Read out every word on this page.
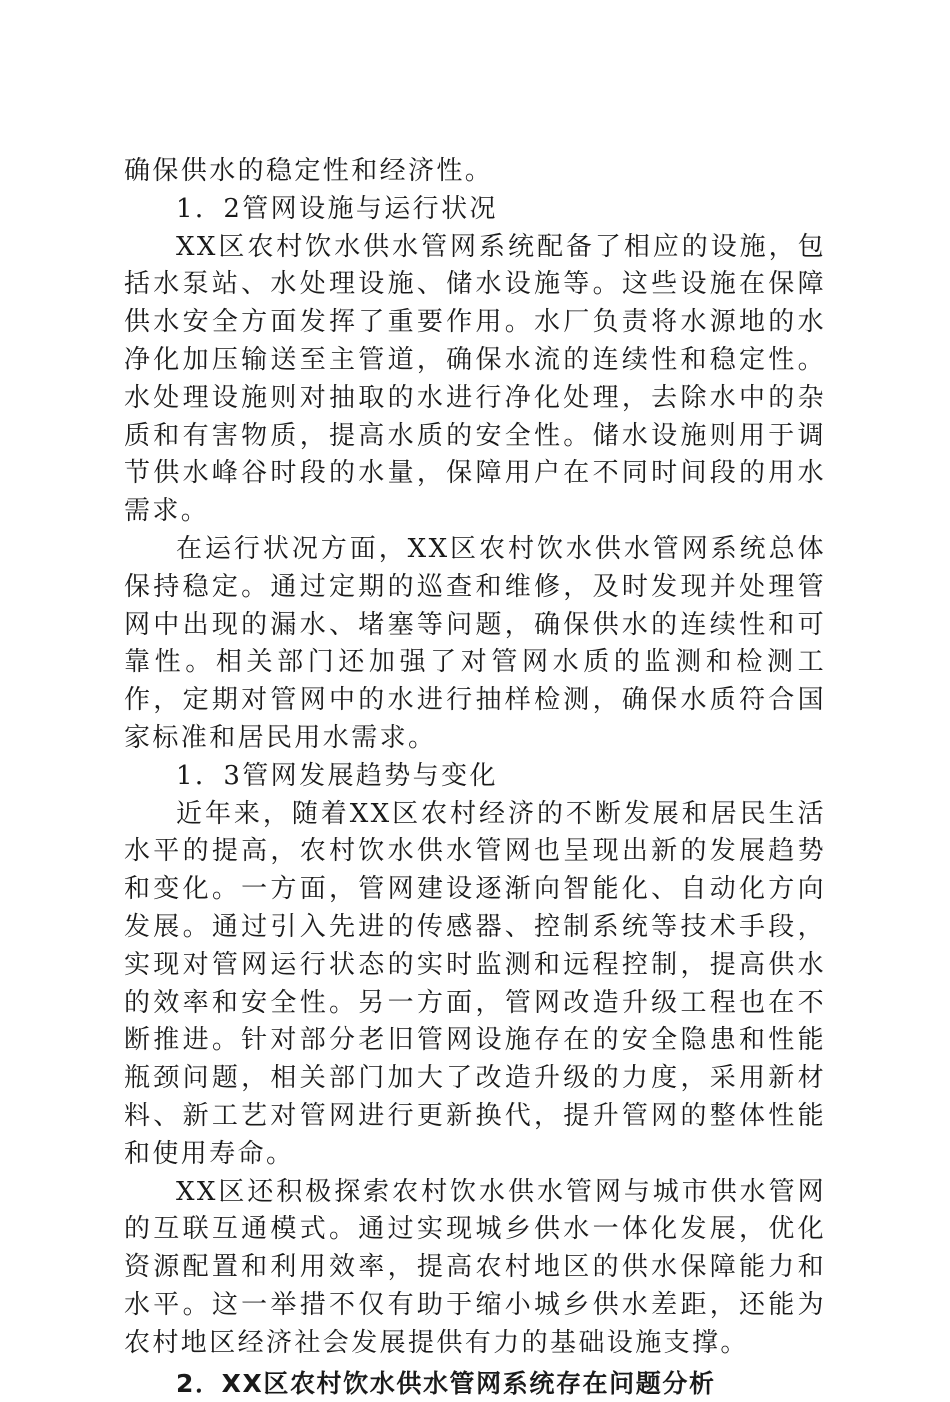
确保供水的稳定性和经济性。

1．2管网设施与运行状况

XX区农村饮水供水管网系统配备了相应的设施，包括水泵站、水处理设施、储水设施等。这些设施在保障供水安全方面发挥了重要作用。水厂负责将水源地的水净化加压输送至主管道，确保水流的连续性和稳定性。水处理设施则对抽取的水进行净化处理，去除水中的杂质和有害物质，提高水质的安全性。储水设施则用于调节供水峰谷时段的水量，保障用户在不同时间段的用水需求。

在运行状况方面，XX区农村饮水供水管网系统总体保持稳定。通过定期的巡查和维修，及时发现并处理管网中出现的漏水、堵塞等问题，确保供水的连续性和可靠性。相关部门还加强了对管网水质的监测和检测工作，定期对管网中的水进行抽样检测，确保水质符合国家标准和居民用水需求。

1．3管网发展趋势与变化

近年来，随着XX区农村经济的不断发展和居民生活水平的提高，农村饮水供水管网也呈现出新的发展趋势和变化。一方面，管网建设逐渐向智能化、自动化方向发展。通过引入先进的传感器、控制系统等技术手段，实现对管网运行状态的实时监测和远程控制，提高供水的效率和安全性。另一方面，管网改造升级工程也在不断推进。针对部分老旧管网设施存在的安全隐患和性能瓶颈问题，相关部门加大了改造升级的力度，采用新材料、新工艺对管网进行更新换代，提升管网的整体性能和使用寿命。

XX区还积极探索农村饮水供水管网与城市供水管网的互联互通模式。通过实现城乡供水一体化发展，优化资源配置和利用效率，提高农村地区的供水保障能力和水平。这一举措不仅有助于缩小城乡供水差距，还能为农村地区经济社会发展提供有力的基础设施支撑。

2．XX区农村饮水供水管网系统存在问题分析
